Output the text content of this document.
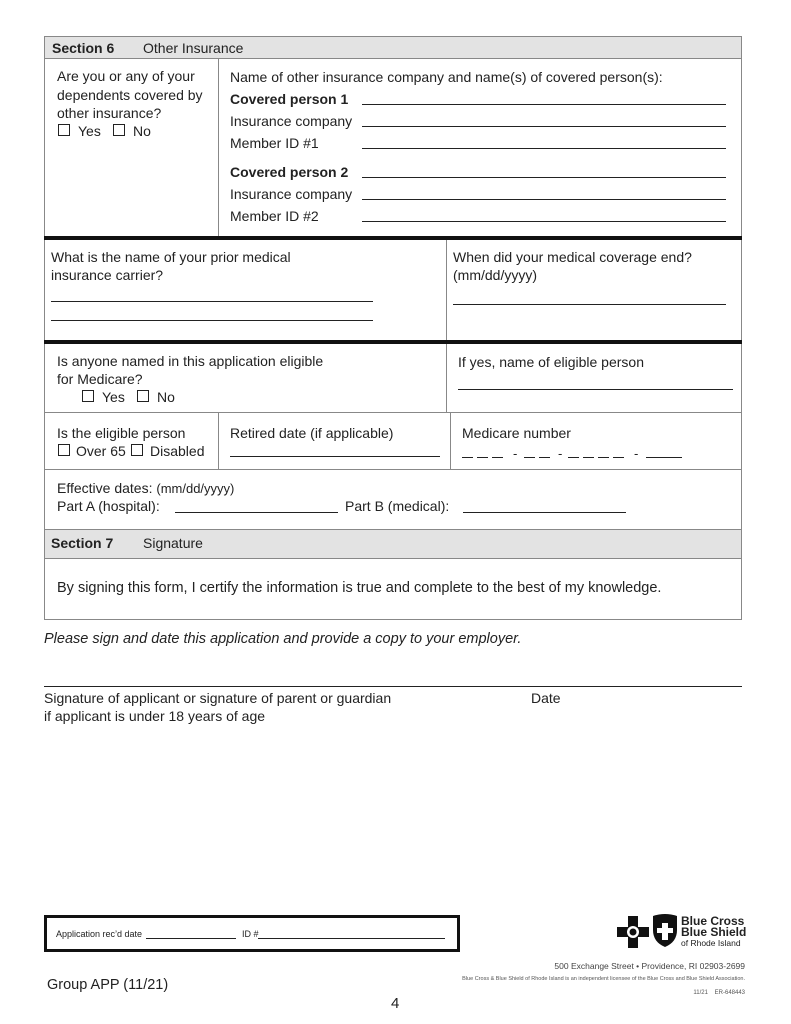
Section 6 Other Insurance
Are you or any of your
dependents covered by
other insurance?
Yes No
Name of other insurance company and name(s) of covered person(s):
Covered person 1
Insurance company
Member ID #1
Covered person 2
Insurance company
Member ID #2
What is the name of your prior medical
insurance carrier?
When did your medical coverage end?
(mm/dd/yyyy)
Is anyone named in this application eligible
for Medicare?
Yes No
If yes, name of eligible person
Is the eligible person
Over 65 Disabled
Retired date (if applicable)	Medicare number
-	-	-
Effective dates: (mm/dd/yyyy)
Part A (hospital):	Part B (medical):
Section 7 Signature
By signing this form, I certify the information is true and complete to the best of my knowledge.
Please sign and date this application and provide a copy to your employer.
Signature of applicant or signature of parent or guardian
if applicant is under 18 years of age
Date
Application rec’d date	ID #
Blue Cross
Blue Shield
of Rhode Island
500 Exchange Street • Providence, RI 02903-2699
Blue Cross & Blue Shield of Rhode Island is an independent licensee of the Blue Cross and Blue Shield Association.
11/21    ER-648443
Group APP (11/21)
4
